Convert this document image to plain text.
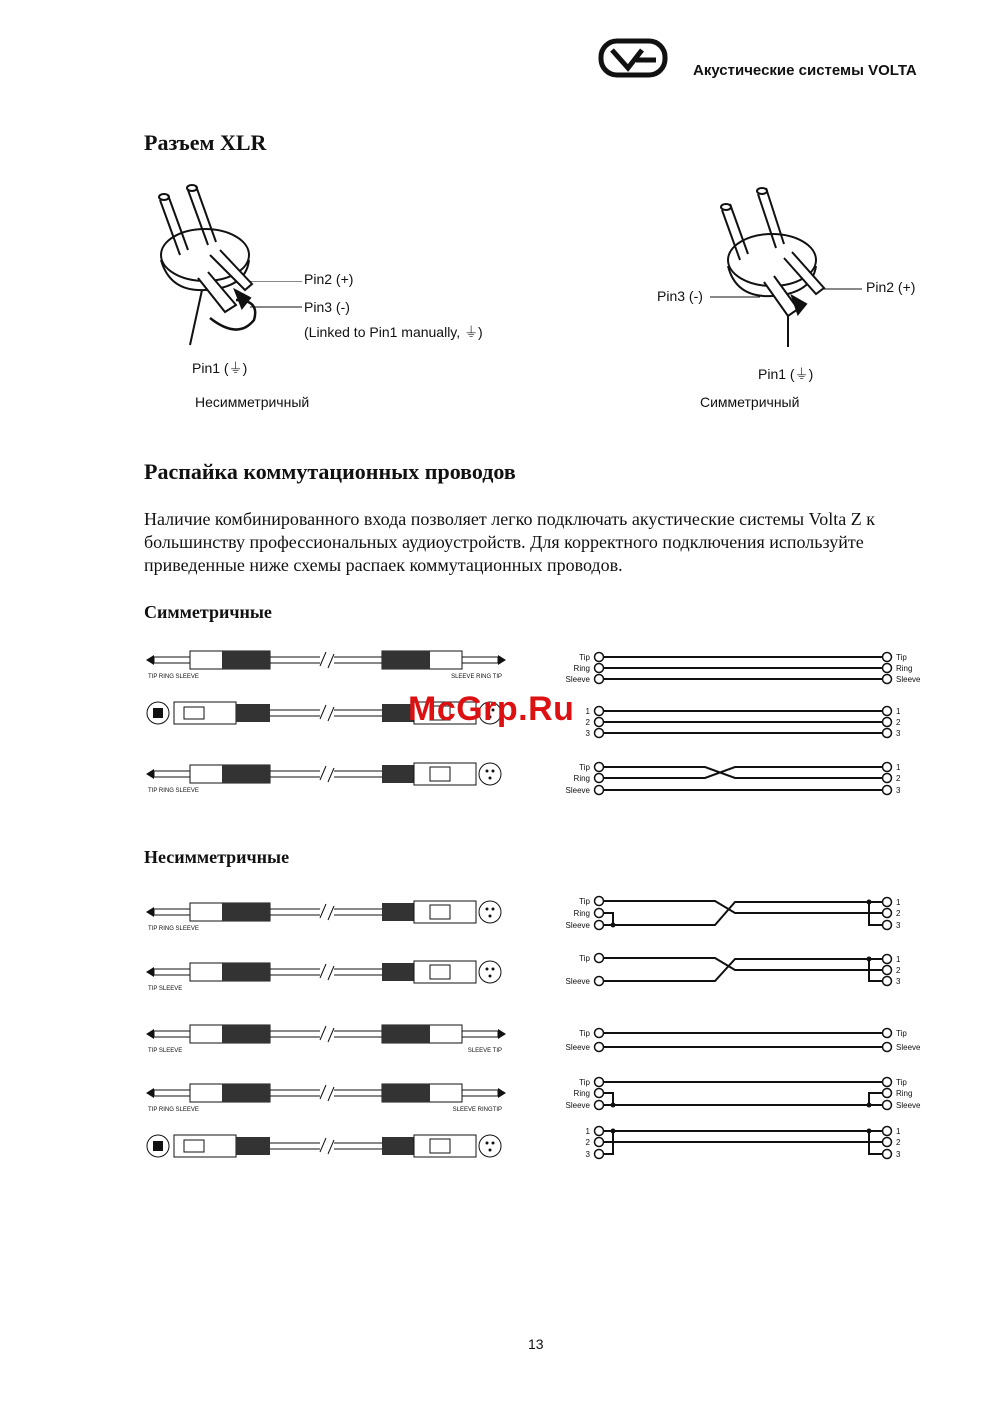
Акустические системы VOLTA
Разъем XLR
Pin2 (+)
Pin3 (-)
(Linked to Pin1 manually, ⏚)
Pin1 (⏚)
Несимметричный
Pin3 (-)
Pin2 (+)
Pin1 (⏚)
Симметричный
Распайка коммутационных проводов
Наличие комбинированного входа позволяет легко подключать акустические системы Volta Z к большинству профессиональных аудиоустройств. Для корректного подключения используйте приведенные ниже схемы распаек коммутационных проводов.
Симметричные
Несимметричные
TIP RING SLEEVE	SLEEVE RING TIP
TIP RING SLEEVE
TIP RING SLEEVE
TIP SLEEVE
TIP SLEEVE	SLEEVE TIP
TIP RING SLEEVE	SLEEVE RINGTIP
Tip	Tip
Ring	Ring
Sleeve	Sleeve
1	1
2	2
3	3
Tip
Ring
Sleeve
1
2
3
Tip
Ring
Sleeve
1
2
3
Tip
Sleeve
1
2
3
Tip	Tip
Sleeve	Sleeve
Tip	Tip
Ring	Ring
Sleeve	Sleeve
1	1
2	2
3	3
McGrp.Ru
13
